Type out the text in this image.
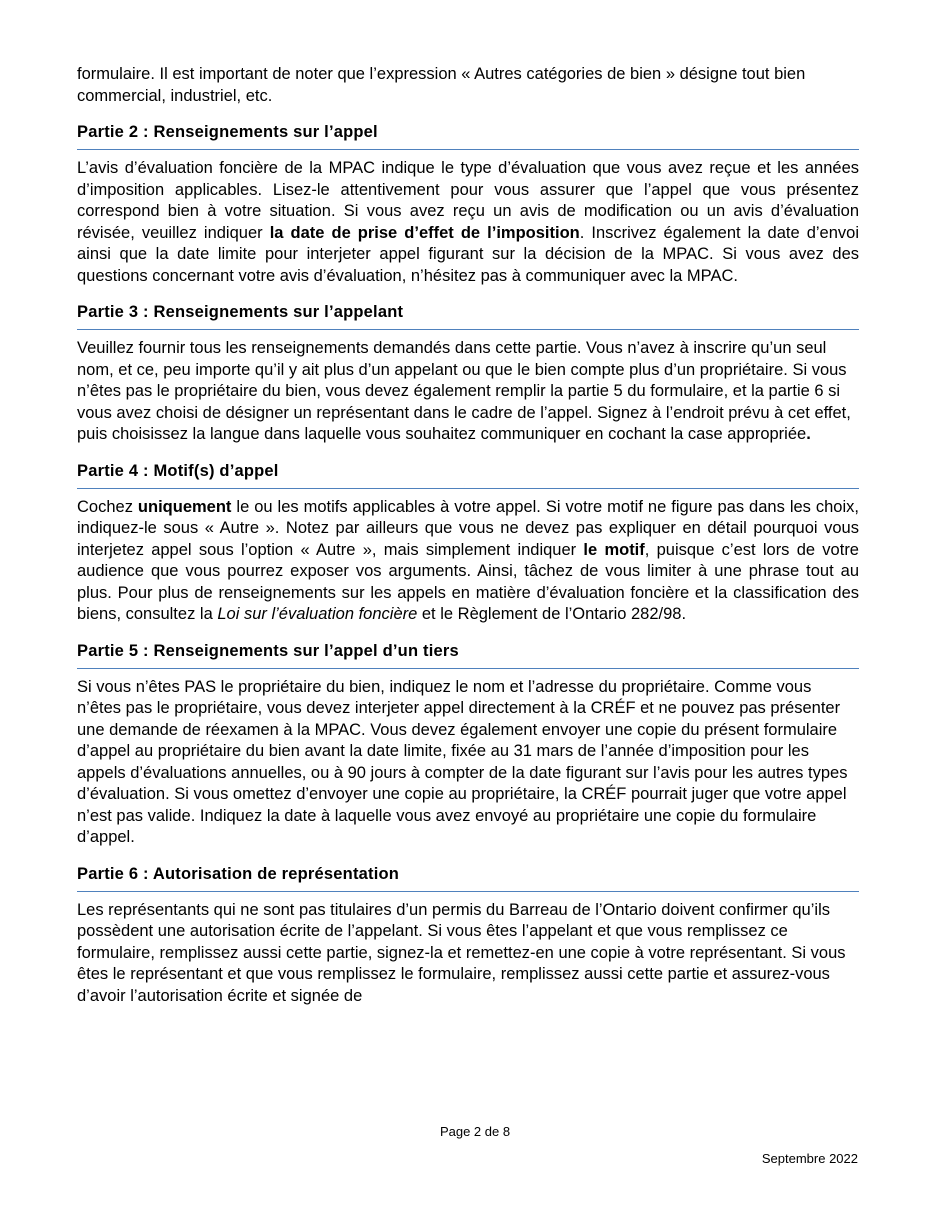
formulaire. Il est important de noter que l’expression « Autres catégories de bien » désigne tout bien commercial, industriel, etc.

Partie 2 : Renseignements sur l’appel

L’avis d’évaluation foncière de la MPAC indique le type d’évaluation que vous avez reçue et les années d’imposition applicables. Lisez-le attentivement pour vous assurer que l’appel que vous présentez correspond bien à votre situation. Si vous avez reçu un avis de modification ou un avis d’évaluation révisée, veuillez indiquer la date de prise d’effet de l’imposition. Inscrivez également la date d’envoi ainsi que la date limite pour interjeter appel figurant sur la décision de la MPAC. Si vous avez des questions concernant votre avis d’évaluation, n’hésitez pas à communiquer avec la MPAC.

Partie 3 : Renseignements sur l’appelant

Veuillez fournir tous les renseignements demandés dans cette partie. Vous n’avez à inscrire qu’un seul nom, et ce, peu importe qu’il y ait plus d’un appelant ou que le bien compte plus d’un propriétaire. Si vous n’êtes pas le propriétaire du bien, vous devez également remplir la partie 5 du formulaire, et la partie 6 si vous avez choisi de désigner un représentant dans le cadre de l’appel. Signez à l’endroit prévu à cet effet, puis choisissez la langue dans laquelle vous souhaitez communiquer en cochant la case appropriée.

Partie 4 : Motif(s) d’appel

Cochez uniquement le ou les motifs applicables à votre appel. Si votre motif ne figure pas dans les choix, indiquez-le sous « Autre ». Notez par ailleurs que vous ne devez pas expliquer en détail pourquoi vous interjetez appel sous l’option « Autre », mais simplement indiquer le motif, puisque c’est lors de votre audience que vous pourrez exposer vos arguments. Ainsi, tâchez de vous limiter à une phrase tout au plus. Pour plus de renseignements sur les appels en matière d’évaluation foncière et la classification des biens, consultez la Loi sur l’évaluation foncière et le Règlement de l’Ontario 282/98.

Partie 5 : Renseignements sur l’appel d’un tiers

Si vous n’êtes PAS le propriétaire du bien, indiquez le nom et l’adresse du propriétaire. Comme vous n’êtes pas le propriétaire, vous devez interjeter appel directement à la CRÉF et ne pouvez pas présenter une demande de réexamen à la MPAC. Vous devez également envoyer une copie du présent formulaire d’appel au propriétaire du bien avant la date limite, fixée au 31 mars de l’année d’imposition pour les appels d’évaluations annuelles, ou à 90 jours à compter de la date figurant sur l’avis pour les autres types d’évaluation. Si vous omettez d’envoyer une copie au propriétaire, la CRÉF pourrait juger que votre appel n’est pas valide. Indiquez la date à laquelle vous avez envoyé au propriétaire une copie du formulaire d’appel.

Partie 6 : Autorisation de représentation

Les représentants qui ne sont pas titulaires d’un permis du Barreau de l’Ontario doivent confirmer qu’ils possèdent une autorisation écrite de l’appelant. Si vous êtes l’appelant et que vous remplissez ce formulaire, remplissez aussi cette partie, signez-la et remettez-en une copie à votre représentant. Si vous êtes le représentant et que vous remplissez le formulaire, remplissez aussi cette partie et assurez-vous d’avoir l’autorisation écrite et signée de

Page 2 de 8
Septembre 2022
